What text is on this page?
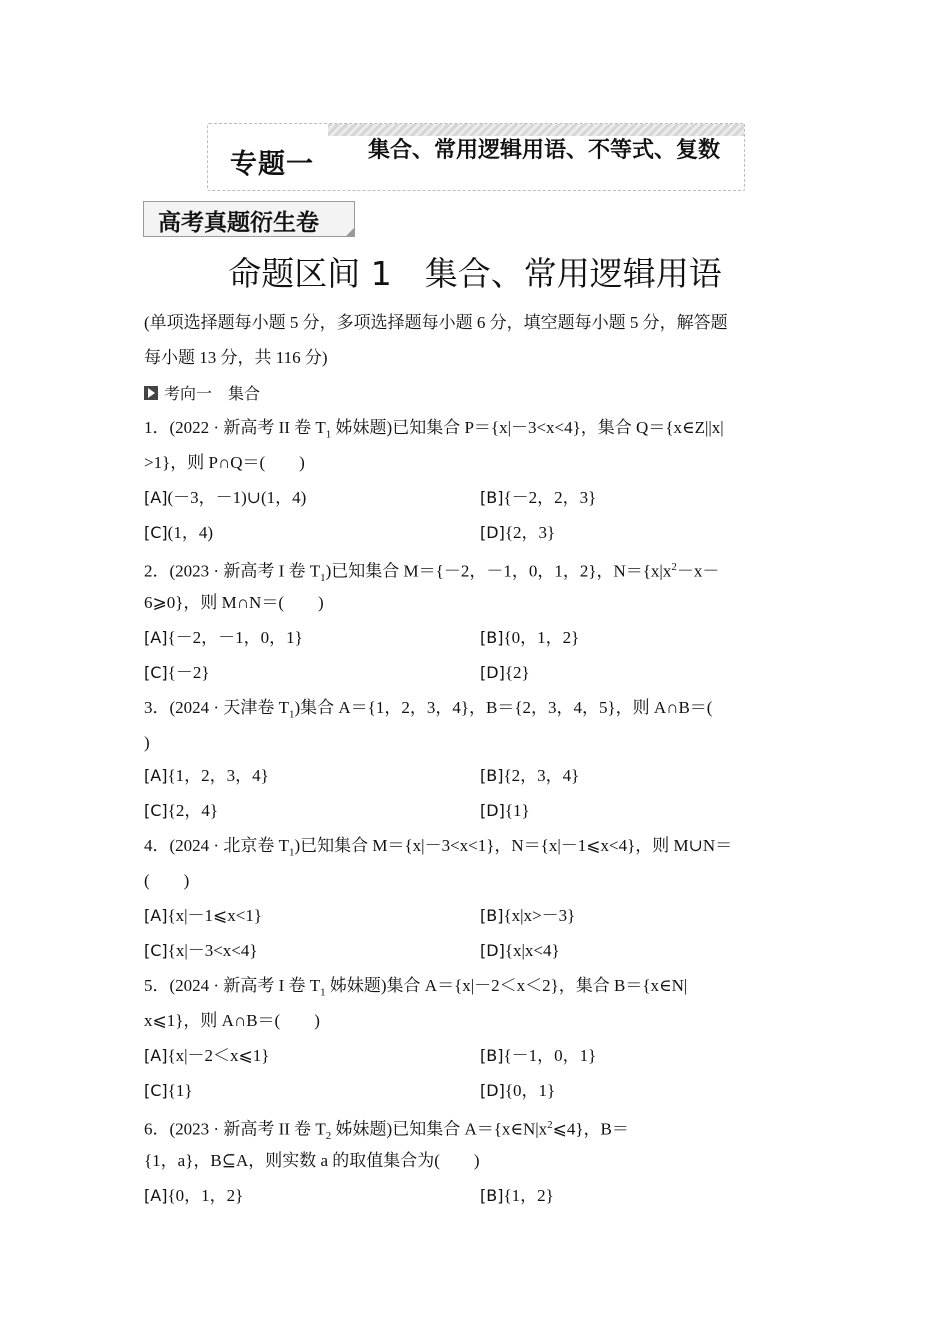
专题一 集合、常用逻辑用语、不等式、复数
高考真题衍生卷
命题区间 1　集合、常用逻辑用语
(单项选择题每小题 5 分，多项选择题每小题 6 分，填空题每小题 5 分，解答题
每小题 13 分，共 116 分)
考向一　集合
1．(2022 · 新高考 II 卷 $T_1$ 姊妹题)已知集合 P＝{x|－3<x<4}，集合 Q＝{x∈Z||x|
>1}，则 P∩Q＝(　　)
[A](－3，－1)∪(1，4)	[B]{－2，2，3}
[C](1，4)	[D]{2，3}
2．(2023 · 新高考 I 卷 $T_1$)已知集合 M＝{－2，－1，0，1，2}，$N=\{x|x^2-x-$
6⩾0}，则 M∩N＝(　　)
[A]{－2，－1，0，1}	[B]{0，1，2}
[C]{－2}	[D]{2}
3．(2024 · 天津卷 $T_1$)集合 A＝{1，2，3，4}，B＝{2，3，4，5}，则 A∩B＝(
)
[A]{1，2，3，4}	[B]{2，3，4}
[C]{2，4}	[D]{1}
4．(2024 · 北京卷 $T_1$)已知集合 M＝{x|－3<x<1}，N＝{x|－1⩽x<4}，则 M∪N＝
(　　)
[A]{x|－1⩽x<1}	[B]{x|x>－3}
[C]{x|－3<x<4}	[D]{x|x<4}
5．(2024 · 新高考 I 卷 $T_1$ 姊妹题)集合 A＝{x|－2＜x＜2}，集合 B＝{x∈N|
x⩽1}，则 A∩B＝(　　)
[A]{x|－2＜x⩽1}	[B]{－1，0，1}
[C]{1}	[D]{0，1}
6．(2023 · 新高考 II 卷 $T_2$ 姊妹题)已知集合 $A=\{x\in N|x^2⩽4\}$，B＝
{1，a}，B⊆A，则实数 a 的取值集合为(　　)
[A]{0，1，2}	[B]{1，2}
